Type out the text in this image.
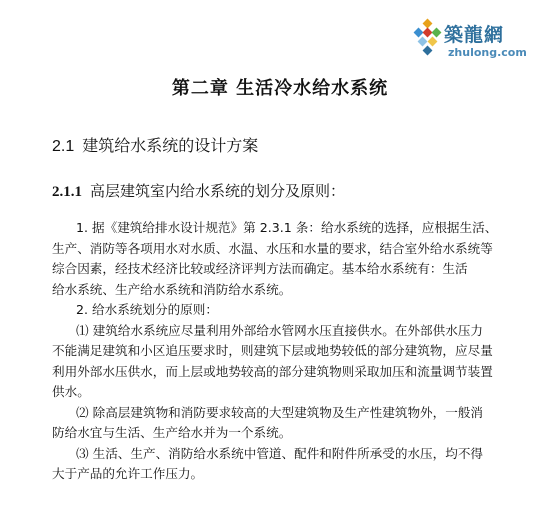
築龍網
zhulong.com
第二章 生活冷水给水系统
2.1 建筑给水系统的设计方案
2.1.1 高层建筑室内给水系统的划分及原则：
1. 据《建筑给排水设计规范》第 2.3.1 条：给水系统的选择，应根据生活、
生产、消防等各项用水对水质、水温、水压和水量的要求，结合室外给水系统等
综合因素，经技术经济比较或经济评判方法而确定。基本给水系统有：生活
给水系统、生产给水系统和消防给水系统。
2. 给水系统划分的原则：
⑴ 建筑给水系统应尽量利用外部给水管网水压直接供水。在外部供水压力
不能满足建筑和小区追压要求时，则建筑下层或地势较低的部分建筑物，应尽量
利用外部水压供水，而上层或地势较高的部分建筑物则采取加压和流量调节装置
供水。
⑵ 除高层建筑物和消防要求较高的大型建筑物及生产性建筑物外，一般消
防给水宜与生活、生产给水并为一个系统。
⑶ 生活、生产、消防给水系统中管道、配件和附件所承受的水压，均不得
大于产品的允许工作压力。
